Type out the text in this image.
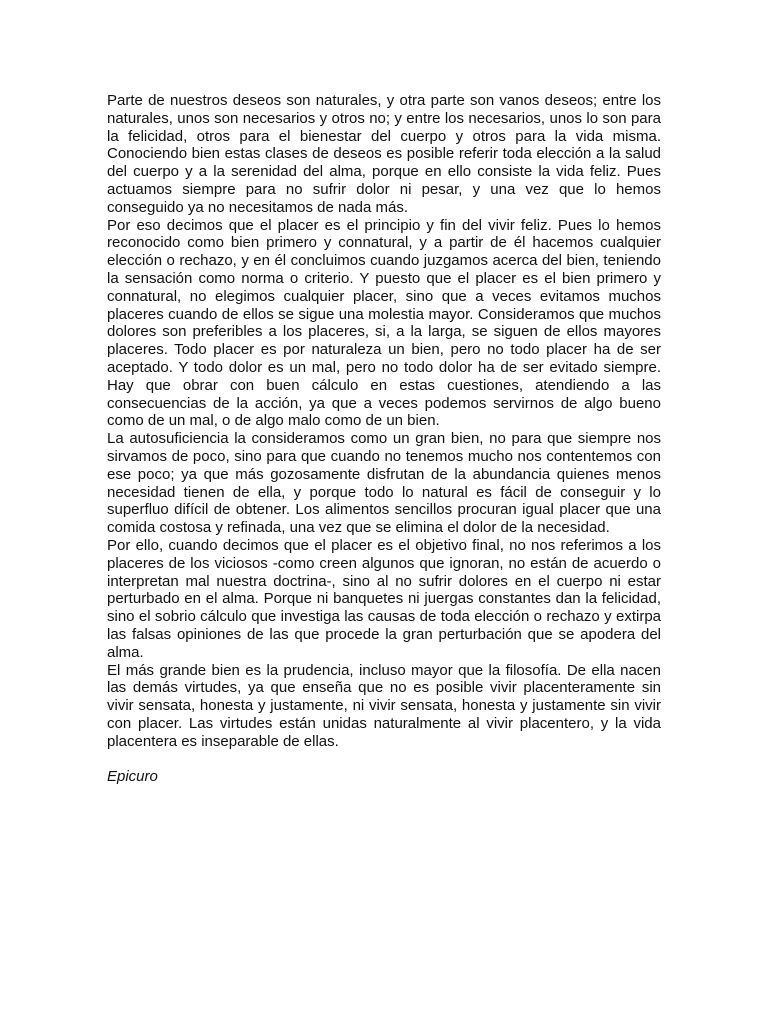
Parte de nuestros deseos son naturales, y otra parte son vanos deseos; entre los naturales, unos son necesarios y otros no; y entre los necesarios, unos lo son para la felicidad, otros para el bienestar del cuerpo y otros para la vida misma. Conociendo bien estas clases de deseos es posible referir toda elección a la salud del cuerpo y a la serenidad del alma, porque en ello consiste la vida feliz. Pues actuamos siempre para no sufrir dolor ni pesar, y una vez que lo hemos conseguido ya no necesitamos de nada más.

Por eso decimos que el placer es el principio y fin del vivir feliz. Pues lo hemos reconocido como bien primero y connatural, y a partir de él hacemos cualquier elección o rechazo, y en él concluimos cuando juzgamos acerca del bien, teniendo la sensación como norma o criterio. Y puesto que el placer es el bien primero y connatural, no elegimos cualquier placer, sino que a veces evitamos muchos placeres cuando de ellos se sigue una molestia mayor. Consideramos que muchos dolores son preferibles a los placeres, si, a la larga, se siguen de ellos mayores placeres. Todo placer es por naturaleza un bien, pero no todo placer ha de ser aceptado. Y todo dolor es un mal, pero no todo dolor ha de ser evitado siempre. Hay que obrar con buen cálculo en estas cuestiones, atendiendo a las consecuencias de la acción, ya que a veces podemos servirnos de algo bueno como de un mal, o de algo malo como de un bien.

La autosuficiencia la consideramos como un gran bien, no para que siempre nos sirvamos de poco, sino para que cuando no tenemos mucho nos contentemos con ese poco; ya que más gozosamente disfrutan de la abundancia quienes menos necesidad tienen de ella, y porque todo lo natural es fácil de conseguir y lo superfluo difícil de obtener. Los alimentos sencillos procuran igual placer que una comida costosa y refinada, una vez que se elimina el dolor de la necesidad.

Por ello, cuando decimos que el placer es el objetivo final, no nos referimos a los placeres de los viciosos -como creen algunos que ignoran, no están de acuerdo o interpretan mal nuestra doctrina-, sino al no sufrir dolores en el cuerpo ni estar perturbado en el alma. Porque ni banquetes ni juergas constantes dan la felicidad, sino el sobrio cálculo que investiga las causas de toda elección o rechazo y extirpa las falsas opiniones de las que procede la gran perturbación que se apodera del alma.

El más grande bien es la prudencia, incluso mayor que la filosofía. De ella nacen las demás virtudes, ya que enseña que no es posible vivir placenteramente sin vivir sensata, honesta y justamente, ni vivir sensata, honesta y justamente sin vivir con placer. Las virtudes están unidas naturalmente al vivir placentero, y la vida placentera es inseparable de ellas.

Epicuro
